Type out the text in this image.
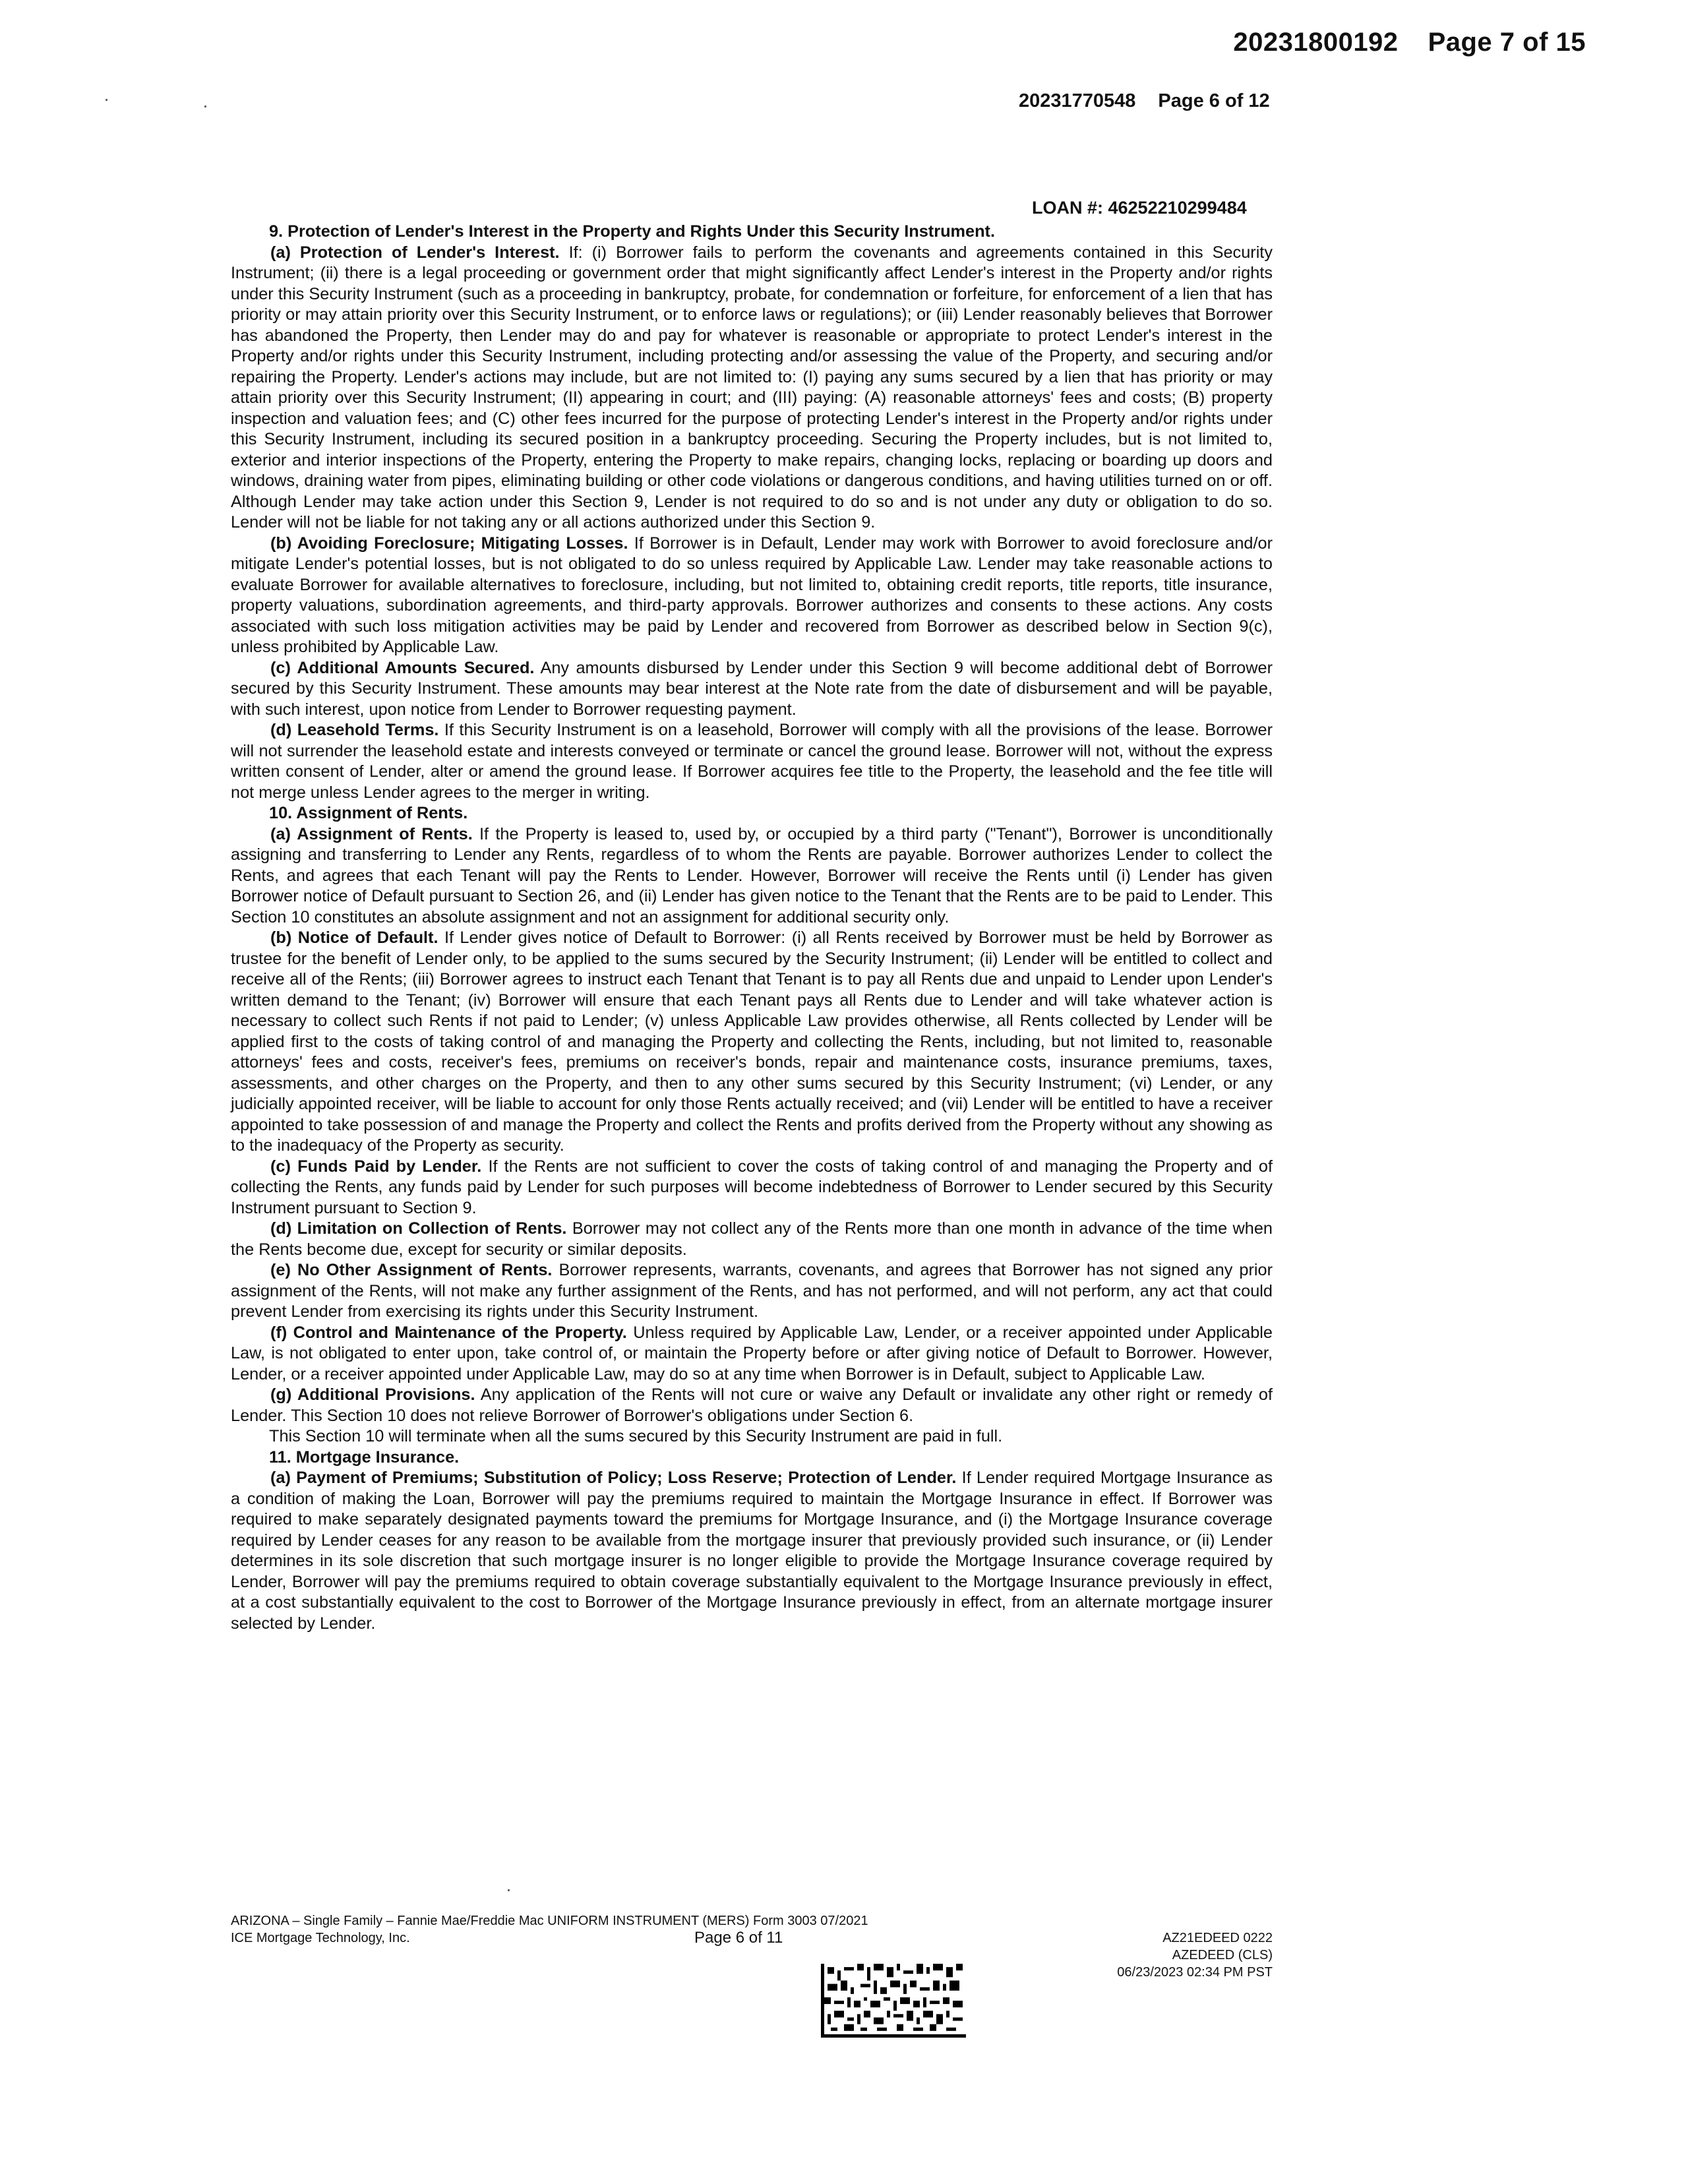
20231800192 Page 7 of 15
20231770548 Page 6 of 12
LOAN #: 46252210299484

9. Protection of Lender's Interest in the Property and Rights Under this Security Instrument.

(a) Protection of Lender's Interest. If: (i) Borrower fails to perform the covenants and agreements contained in this Security Instrument; (ii) there is a legal proceeding or government order that might significantly affect Lender's interest in the Property and/or rights under this Security Instrument (such as a proceeding in bankruptcy, probate, for condemnation or forfeiture, for enforcement of a lien that has priority or may attain priority over this Security Instrument, or to enforce laws or regulations); or (iii) Lender reasonably believes that Borrower has abandoned the Property, then Lender may do and pay for whatever is reasonable or appropriate to protect Lender's interest in the Property and/or rights under this Security Instrument, including protecting and/or assessing the value of the Property, and securing and/or repairing the Property. Lender's actions may include, but are not limited to: (I) paying any sums secured by a lien that has priority or may attain priority over this Security Instrument; (II) appearing in court; and (III) paying: (A) reasonable attorneys' fees and costs; (B) property inspection and valuation fees; and (C) other fees incurred for the purpose of protecting Lender's interest in the Property and/or rights under this Security Instrument, including its secured position in a bankruptcy proceeding. Securing the Property includes, but is not limited to, exterior and interior inspections of the Property, entering the Property to make repairs, changing locks, replacing or boarding up doors and windows, draining water from pipes, eliminating building or other code violations or dangerous conditions, and having utilities turned on or off. Although Lender may take action under this Section 9, Lender is not required to do so and is not under any duty or obligation to do so. Lender will not be liable for not taking any or all actions authorized under this Section 9.

(b) Avoiding Foreclosure; Mitigating Losses. If Borrower is in Default, Lender may work with Borrower to avoid foreclosure and/or mitigate Lender's potential losses, but is not obligated to do so unless required by Applicable Law. Lender may take reasonable actions to evaluate Borrower for available alternatives to foreclosure, including, but not limited to, obtaining credit reports, title reports, title insurance, property valuations, subordination agreements, and third-party approvals. Borrower authorizes and consents to these actions. Any costs associated with such loss mitigation activities may be paid by Lender and recovered from Borrower as described below in Section 9(c), unless prohibited by Applicable Law.

(c) Additional Amounts Secured. Any amounts disbursed by Lender under this Section 9 will become additional debt of Borrower secured by this Security Instrument. These amounts may bear interest at the Note rate from the date of disbursement and will be payable, with such interest, upon notice from Lender to Borrower requesting payment.

(d) Leasehold Terms. If this Security Instrument is on a leasehold, Borrower will comply with all the provisions of the lease. Borrower will not surrender the leasehold estate and interests conveyed or terminate or cancel the ground lease. Borrower will not, without the express written consent of Lender, alter or amend the ground lease. If Borrower acquires fee title to the Property, the leasehold and the fee title will not merge unless Lender agrees to the merger in writing.

10. Assignment of Rents.

(a) Assignment of Rents. If the Property is leased to, used by, or occupied by a third party ("Tenant"), Borrower is unconditionally assigning and transferring to Lender any Rents, regardless of to whom the Rents are payable. Borrower authorizes Lender to collect the Rents, and agrees that each Tenant will pay the Rents to Lender. However, Borrower will receive the Rents until (i) Lender has given Borrower notice of Default pursuant to Section 26, and (ii) Lender has given notice to the Tenant that the Rents are to be paid to Lender. This Section 10 constitutes an absolute assignment and not an assignment for additional security only.

(b) Notice of Default. If Lender gives notice of Default to Borrower: (i) all Rents received by Borrower must be held by Borrower as trustee for the benefit of Lender only, to be applied to the sums secured by the Security Instrument; (ii) Lender will be entitled to collect and receive all of the Rents; (iii) Borrower agrees to instruct each Tenant that Tenant is to pay all Rents due and unpaid to Lender upon Lender's written demand to the Tenant; (iv) Borrower will ensure that each Tenant pays all Rents due to Lender and will take whatever action is necessary to collect such Rents if not paid to Lender; (v) unless Applicable Law provides otherwise, all Rents collected by Lender will be applied first to the costs of taking control of and managing the Property and collecting the Rents, including, but not limited to, reasonable attorneys' fees and costs, receiver's fees, premiums on receiver's bonds, repair and maintenance costs, insurance premiums, taxes, assessments, and other charges on the Property, and then to any other sums secured by this Security Instrument; (vi) Lender, or any judicially appointed receiver, will be liable to account for only those Rents actually received; and (vii) Lender will be entitled to have a receiver appointed to take possession of and manage the Property and collect the Rents and profits derived from the Property without any showing as to the inadequacy of the Property as security.

(c) Funds Paid by Lender. If the Rents are not sufficient to cover the costs of taking control of and managing the Property and of collecting the Rents, any funds paid by Lender for such purposes will become indebtedness of Borrower to Lender secured by this Security Instrument pursuant to Section 9.

(d) Limitation on Collection of Rents. Borrower may not collect any of the Rents more than one month in advance of the time when the Rents become due, except for security or similar deposits.

(e) No Other Assignment of Rents. Borrower represents, warrants, covenants, and agrees that Borrower has not signed any prior assignment of the Rents, will not make any further assignment of the Rents, and has not performed, and will not perform, any act that could prevent Lender from exercising its rights under this Security Instrument.

(f) Control and Maintenance of the Property. Unless required by Applicable Law, Lender, or a receiver appointed under Applicable Law, is not obligated to enter upon, take control of, or maintain the Property before or after giving notice of Default to Borrower. However, Lender, or a receiver appointed under Applicable Law, may do so at any time when Borrower is in Default, subject to Applicable Law.

(g) Additional Provisions. Any application of the Rents will not cure or waive any Default or invalidate any other right or remedy of Lender. This Section 10 does not relieve Borrower of Borrower's obligations under Section 6.

This Section 10 will terminate when all the sums secured by this Security Instrument are paid in full.

11. Mortgage Insurance.

(a) Payment of Premiums; Substitution of Policy; Loss Reserve; Protection of Lender. If Lender required Mortgage Insurance as a condition of making the Loan, Borrower will pay the premiums required to maintain the Mortgage Insurance in effect. If Borrower was required to make separately designated payments toward the premiums for Mortgage Insurance, and (i) the Mortgage Insurance coverage required by Lender ceases for any reason to be available from the mortgage insurer that previously provided such insurance, or (ii) Lender determines in its sole discretion that such mortgage insurer is no longer eligible to provide the Mortgage Insurance coverage required by Lender, Borrower will pay the premiums required to obtain coverage substantially equivalent to the Mortgage Insurance previously in effect, at a cost substantially equivalent to the cost to Borrower of the Mortgage Insurance previously in effect, from an alternate mortgage insurer selected by Lender.

ARIZONA – Single Family – Fannie Mae/Freddie Mac UNIFORM INSTRUMENT (MERS) Form 3003 07/2021
ICE Mortgage Technology, Inc.	Page 6 of 11	AZ21EDEED 0222
AZEDEED (CLS)
06/23/2023 02:34 PM PST
